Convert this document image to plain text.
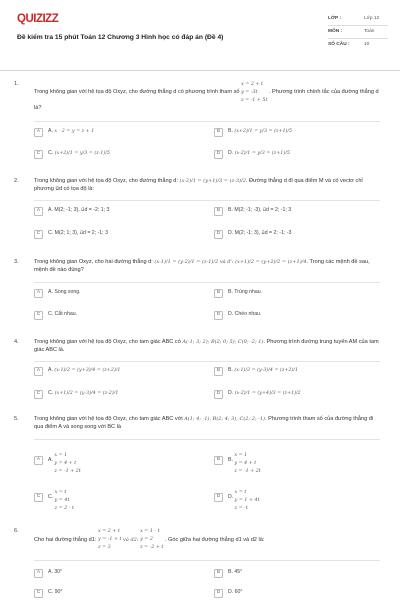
QUIZIZZ
Đề kiểm tra 15 phút Toán 12 Chương 3 Hình học có đáp án (Đề 4)
LỚP :	Lớp 12
MÔN :	Toán
SỐ CÂU :	10
1.
Trong không gian với hệ tọa độ Oxyz, cho đường thẳng d có phương trình tham số
x = 2 + t
y = -3t
z = -1 + 5t
. Phương trình chính tắc của đường thẳng d là?
A	A. x - 2 = y = z + 1	B	B. (x+2)/1 = y/3 = (z+1)/5
C	C. (x+2)/1 = y/3 = (z-1)/5	D	D. (x-2)/1 = y/3 = (z+1)/5
2.	Trong không gian với hệ tọa độ Oxyz, cho đường thẳng d: (x-2)/1 = (y+1)/3 = (z-3)/2. Đường thẳng d đi qua điểm M và có vectơ chỉ phương u⃗d có tọa độ là:
A	A. M(2; -1; 3), u⃗d = -2; 1; 3	B	B. M(2; -1; -3), u⃗d = 2; -1; 3
C	C. M(2; 1; 3), u⃗d = 2; -1; 3	D	D. M(2; -1; 3), u⃗d = 2; -1; -3
3.	Trong không gian Oxyz, cho hai đường thẳng d: (x-1)/1 = (y-2)/1 = (z-1)/2 và d': (x+1)/2 = (y+2)/2 = (z+1)/4. Trong các mệnh đề sau, mệnh đề nào đúng?
A	A. Song song.	B	B. Trùng nhau.
C	C. Cắt nhau.	D	D. Chéo nhau.
4.	Trong không gian với hệ tọa độ Oxyz, cho tam giác ABC có A(-1; 3; 2); B(2; 0; 5); C(0; -2; 1). Phương trình đường trung tuyến AM của tam giác ABC là.
A	A. (x-1)/2 = (y+3)/4 = (z+2)/1	B	B. (x-1)/2 = (y-3)/4 = (z+2)/1
C	C. (x+1)/2 = (y-3)/4 = (z-2)/1	D	D. (x-2)/1 = (y+4)/3 = (z+1)/2
5.	Trong không gian với hệ tọa độ Oxyz, cho tam giác ABC với A(1; 4; -1), B(2; 4; 3), C(2; 2; -1). Phương trình tham số của đường thẳng đi qua điểm A và song song với BC là
A	A.
x = 1
y = 4 + t
z = -1 + 2t
B	B.
x = 1
y = 4 + t
z = -1 + 2t
C	C.
x = t
y = 4t
z = 2 - t
D	D.
x = t
y = 1 + 4t
z = -t
6.
Cho hai đường thẳng d1:
x = 2 + t
y = -1 + t
z = 3
và d2:
x = 1 - t
y = 2
z = -2 + t
. Góc giữa hai đường thẳng d1 và d2 là:
A	A. 30°	B	B. 45°
C	C. 90°	D	D. 60°
